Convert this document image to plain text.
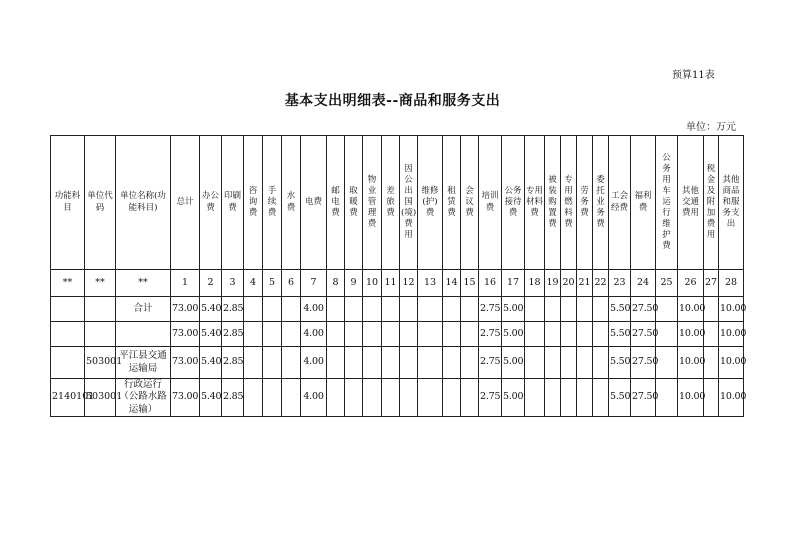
预算11表
基本支出明细表--商品和服务支出
单位：万元
功能科目	单位代码	单位名称(功能科目)	总计	办公费	印刷费	咨询费	手续费	水费	电费	邮电费	取暖费	物业管理费	差旅费	因公出国(境)费用	维修(护)费	租赁费	会议费	培训费	公务接待费	专用材料费	被装购置费	专用燃料费	劳务费	委托业务费	工会经费	福利费	公务用车运行维护费	其他交通费用	税金及附加费用	其他商品和服务支出
**	**	**	1	2	3	4	5	6	7	8	9	10	11	12	13	14	15	16	17	18	19	20	21	22	23	24	25	26	27	28
		合计	73.00	5.40	2.85				4.00									2.75	5.00						5.50	27.50		10.00		10.00
			73.00	5.40	2.85				4.00									2.75	5.00						5.50	27.50		10.00		10.00
	503001	平江县交通运输局	73.00	5.40	2.85				4.00									2.75	5.00						5.50	27.50		10.00		10.00
2140101	503001	行政运行（公路水路运输）	73.00	5.40	2.85				4.00									2.75	5.00						5.50	27.50		10.00		10.00
